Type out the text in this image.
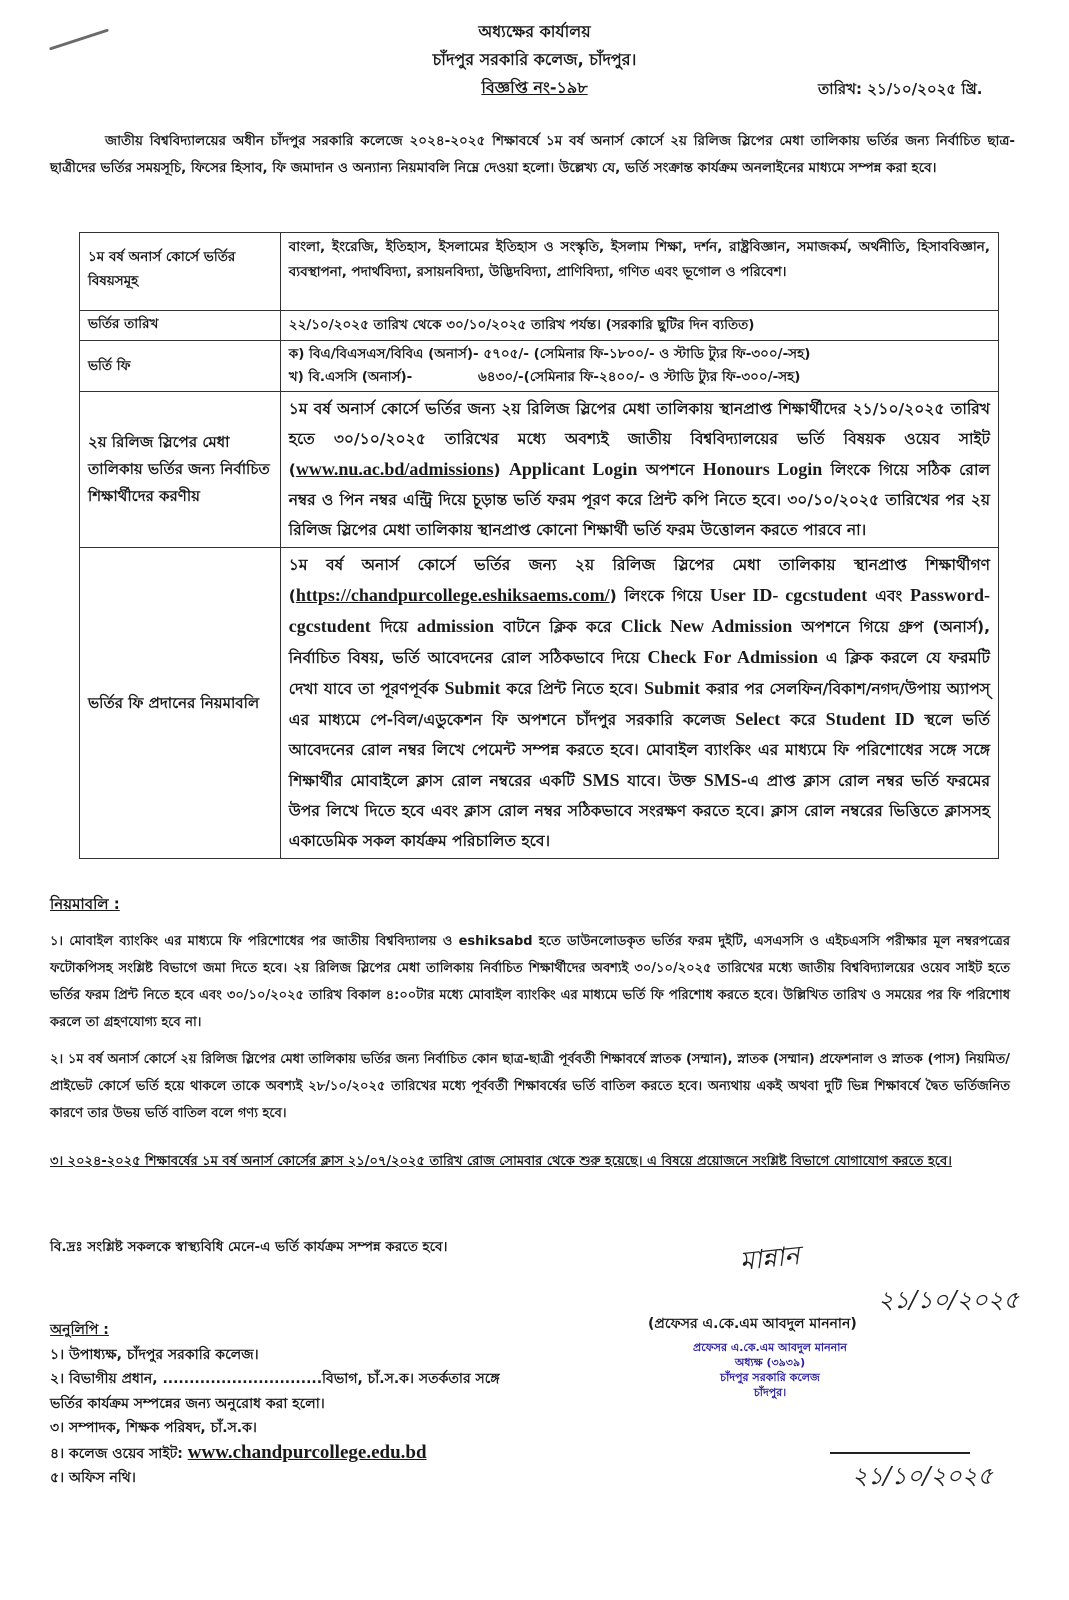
অধ্যক্ষের কার্যালয়
চাঁদপুর সরকারি কলেজ, চাঁদপুর।
বিজ্ঞপ্তি নং-১৯৮	তারিখ: ২১/১০/২০২৫ খ্রি.
জাতীয় বিশ্ববিদ্যালয়ের অধীন চাঁদপুর সরকারি কলেজে ২০২৪-২০২৫ শিক্ষাবর্ষে ১ম বর্ষ অনার্স কোর্সে ২য় রিলিজ স্লিপের মেধা তালিকায় ভর্তির জন্য নির্বাচিত ছাত্র-ছাত্রীদের ভর্তির সময়সূচি, ফিসের হিসাব, ফি জমাদান ও অন্যান্য নিয়মাবলি নিম্নে দেওয়া হলো। উল্লেখ্য যে, ভর্তি সংক্রান্ত কার্যক্রম অনলাইনের মাধ্যমে সম্পন্ন করা হবে।
১ম বর্ষ অনার্স কোর্সে ভর্তির বিষয়সমূহ	বাংলা, ইংরেজি, ইতিহাস, ইসলামের ইতিহাস ও সংস্কৃতি, ইসলাম শিক্ষা, দর্শন, রাষ্ট্রবিজ্ঞান, সমাজকর্ম, অর্থনীতি, হিসাববিজ্ঞান, ব্যবস্থাপনা, পদার্থবিদ্যা, রসায়নবিদ্যা, উদ্ভিদবিদ্যা, প্রাণিবিদ্যা, গণিত এবং ভূগোল ও পরিবেশ।
ভর্তির তারিখ	২২/১০/২০২৫ তারিখ থেকে ৩০/১০/২০২৫ তারিখ পর্যন্ত। (সরকারি ছুটির দিন ব্যতিত)
ভর্তি ফি	ক) বিএ/বিএসএস/বিবিএ (অনার্স)- ৫৭০৫/- (সেমিনার ফি-১৮০০/- ও স্টাডি ট্যুর ফি-৩০০/-সহ)
খ) বি.এসসি (অনার্স)-              ৬৪৩০/-(সেমিনার ফি-২৪০০/- ও স্টাডি ট্যুর ফি-৩০০/-সহ)

২য় রিলিজ স্লিপের মেধা তালিকায় ভর্তির জন্য নির্বাচিত শিক্ষার্থীদের করণীয়	১ম বর্ষ অনার্স কোর্সে ভর্তির জন্য ২য় রিলিজ স্লিপের মেধা তালিকায় স্থানপ্রাপ্ত শিক্ষার্থীদের ২১/১০/২০২৫ তারিখ হতে ৩০/১০/২০২৫ তারিখের মধ্যে অবশ্যই জাতীয় বিশ্ববিদ্যালয়ের ভর্তি বিষয়ক ওয়েব সাইট (www.nu.ac.bd/admissions) Applicant Login অপশনে Honours Login লিংকে গিয়ে সঠিক রোল নম্বর ও পিন নম্বর এন্ট্রি দিয়ে চূড়ান্ত ভর্তি ফরম পূরণ করে প্রিন্ট কপি নিতে হবে। ৩০/১০/২০২৫ তারিখের পর ২য় রিলিজ স্লিপের মেধা তালিকায় স্থানপ্রাপ্ত কোনো শিক্ষার্থী ভর্তি ফরম উত্তোলন করতে পারবে না।
ভর্তির ফি প্রদানের নিয়মাবলি	১ম বর্ষ অনার্স কোর্সে ভর্তির জন্য ২য় রিলিজ স্লিপের মেধা তালিকায় স্থানপ্রাপ্ত শিক্ষার্থীগণ (https://chandpurcollege.eshiksaems.com/) লিংকে গিয়ে User ID- cgcstudent এবং Password- cgcstudent দিয়ে admission বাটনে ক্লিক করে Click New Admission অপশনে গিয়ে গ্রুপ (অনার্স), নির্বাচিত বিষয়, ভর্তি আবেদনের রোল সঠিকভাবে দিয়ে Check For Admission এ ক্লিক করলে যে ফরমটি দেখা যাবে তা পূরণপূর্বক Submit করে প্রিন্ট নিতে হবে। Submit করার পর সেলফিন/বিকাশ/নগদ/উপায় অ্যাপস্ এর মাধ্যমে পে-বিল/এডুকেশন ফি অপশনে চাঁদপুর সরকারি কলেজ Select করে Student ID স্থলে ভর্তি আবেদনের রোল নম্বর লিখে পেমেন্ট সম্পন্ন করতে হবে। মোবাইল ব্যাংকিং এর মাধ্যমে ফি পরিশোধের সঙ্গে সঙ্গে শিক্ষার্থীর মোবাইলে ক্লাস রোল নম্বরের একটি SMS যাবে। উক্ত SMS-এ প্রাপ্ত ক্লাস রোল নম্বর ভর্তি ফরমের উপর লিখে দিতে হবে এবং ক্লাস রোল নম্বর সঠিকভাবে সংরক্ষণ করতে হবে। ক্লাস রোল নম্বরের ভিত্তিতে ক্লাসসহ একাডেমিক সকল কার্যক্রম পরিচালিত হবে।
নিয়মাবলি :
১। মোবাইল ব্যাংকিং এর মাধ্যমে ফি পরিশোধের পর জাতীয় বিশ্ববিদ্যালয় ও eshiksabd হতে ডাউনলোডকৃত ভর্তির ফরম দুইটি, এসএসসি ও এইচএসসি পরীক্ষার মূল নম্বরপত্রের ফটোকপিসহ সংশ্লিষ্ট বিভাগে জমা দিতে হবে। ২য় রিলিজ স্লিপের মেধা তালিকায় নির্বাচিত শিক্ষার্থীদের অবশ্যই ৩০/১০/২০২৫ তারিখের মধ্যে জাতীয় বিশ্ববিদ্যালয়ের ওয়েব সাইট হতে ভর্তির ফরম প্রিন্ট নিতে হবে এবং ৩০/১০/২০২৫ তারিখ বিকাল ৪:০০টার মধ্যে মোবাইল ব্যাংকিং এর মাধ্যমে ভর্তি ফি পরিশোধ করতে হবে। উল্লিখিত তারিখ ও সময়ের পর ফি পরিশোধ করলে তা গ্রহণযোগ্য হবে না।
২। ১ম বর্ষ অনার্স কোর্সে ২য় রিলিজ স্লিপের মেধা তালিকায় ভর্তির জন্য নির্বাচিত কোন ছাত্র-ছাত্রী পূর্ববর্তী শিক্ষাবর্ষে স্নাতক (সম্মান), স্নাতক (সম্মান) প্রফেশনাল ও স্নাতক (পাস) নিয়মিত/প্রাইভেট কোর্সে ভর্তি হয়ে থাকলে তাকে অবশ্যই ২৮/১০/২০২৫ তারিখের মধ্যে পূর্ববর্তী শিক্ষাবর্ষের ভর্তি বাতিল করতে হবে। অন্যথায় একই অথবা দুটি ভিন্ন শিক্ষাবর্ষে দ্বৈত ভর্তিজনিত কারণে তার উভয় ভর্তি বাতিল বলে গণ্য হবে।
৩। ২০২৪-২০২৫ শিক্ষাবর্ষের ১ম বর্ষ অনার্স কোর্সের ক্লাস ২১/০৭/২০২৫ তারিখ রোজ সোমবার থেকে শুরু হয়েছে। এ বিষয়ে প্রয়োজনে সংশ্লিষ্ট বিভাগে যোগাযোগ করতে হবে।
বি.দ্রঃ সংশ্লিষ্ট সকলকে স্বাস্থ্যবিধি মেনে-এ ভর্তি কার্যক্রম সম্পন্ন করতে হবে।	মান্নান
২১/১০/২০২৫
(প্রফেসর এ.কে.এম আবদুল মাননান)
প্রফেসর এ.কে.এম আবদুল মাননান
অধ্যক্ষ (৩৯৩৯)
চাঁদপুর সরকারি কলেজ
চাঁদপুর।
২১/১০/২০২৫
অনুলিপি :
১। উপাধ্যক্ষ, চাঁদপুর সরকারি কলেজ।
২। বিভাগীয় প্রধান, ..............................বিভাগ, চাঁ.স.ক। সতর্কতার সঙ্গে
ভর্তির কার্যক্রম সম্পন্নের জন্য অনুরোধ করা হলো।
৩। সম্পাদক, শিক্ষক পরিষদ, চাঁ.স.ক।
৪। কলেজ ওয়েব সাইট: www.chandpurcollege.edu.bd
৫। অফিস নথি।
